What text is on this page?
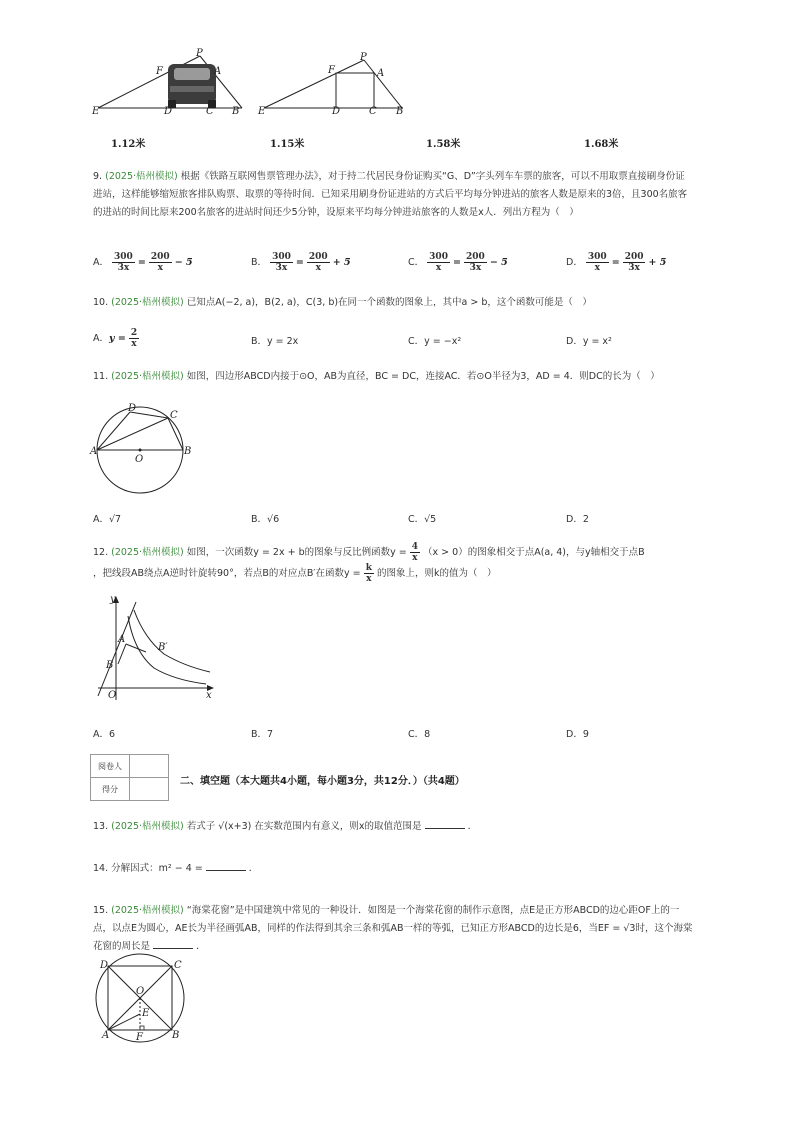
E	D	C B
F	A
P
E	D	C B
F	A
P
1.12米	1.15米	1.58米	1.68米
9. (2025·梧州模拟) 根据《铁路互联网售票管理办法》，对于持二代居民身份证购买“G、D”字头列车车票的旅客，可以不用取票直接刷身份证进站，这样能够缩短旅客排队购票、取票的等待时间．已知采用刷身份证进站的方式后平均每分钟进站的旅客人数是原来的3倍，且300名旅客的进站的时间比原来200名旅客的进站时间还少5分钟，设原来平均每分钟进站旅客的人数是x人．列出方程为（　）
A． $\frac{300}{3x} = \frac{200}{x} - 5$	B． $\frac{300}{3x} = \frac{200}{x} + 5$	C． $\frac{300}{x} = \frac{200}{3x} - 5$	D． $\frac{300}{x} = \frac{200}{3x} + 5$
10. (2025·梧州模拟) 已知点A(−2, a)，B(2, a)，C(3, b)在同一个函数的图象上，其中a > b，这个函数可能是（　）
A．$y = \frac{2}{x}$	B．y = 2x	C．y = −x²	D．y = x²
11. (2025·梧州模拟) 如图，四边形ABCD内接于⊙O，AB为直径，BC = DC，连接AC．若⊙O半径为3，AD = 4．则DC的长为（　）
D
C
A
O
B
A．√7	B．√6	C．√5	D．2
12. (2025·梧州模拟) 如图，一次函数y = 2x + b的图象与反比例函数$y = \frac{4}{x} (x > 0)$的图象相交于点A(a, 4)，与y轴相交于点B
，把线段AB绕点A逆时针旋转90°，若点B的对应点B′在函数$y = \frac{k}{x}$ 的图象上，则k的值为（　）
y
A
B′
B
O	x
A．6	B．7	C．8	D．9
阅卷人	
得分	
二、填空题（本大题共4小题，每小题3分，共12分．）（共4题）
13. (2025·梧州模拟) 若式子 √(x+3) 在实数范围内有意义，则x的取值范围是	．
14. 分解因式：m² − 4 =	．
15. (2025·梧州模拟) “海棠花窗”是中国建筑中常见的一种设计．如图是一个海棠花窗的制作示意图，点E是正方形ABCD的边心距OF上的一点，以点E为圆心，AE长为半径画弧AB，同样的作法得到其余三条和弧AB一样的等弧，已知正方形ABCD的边长是6，当EF = √3时，这个海棠花窗的周长是	．
D	C
O
E
A	F	B
